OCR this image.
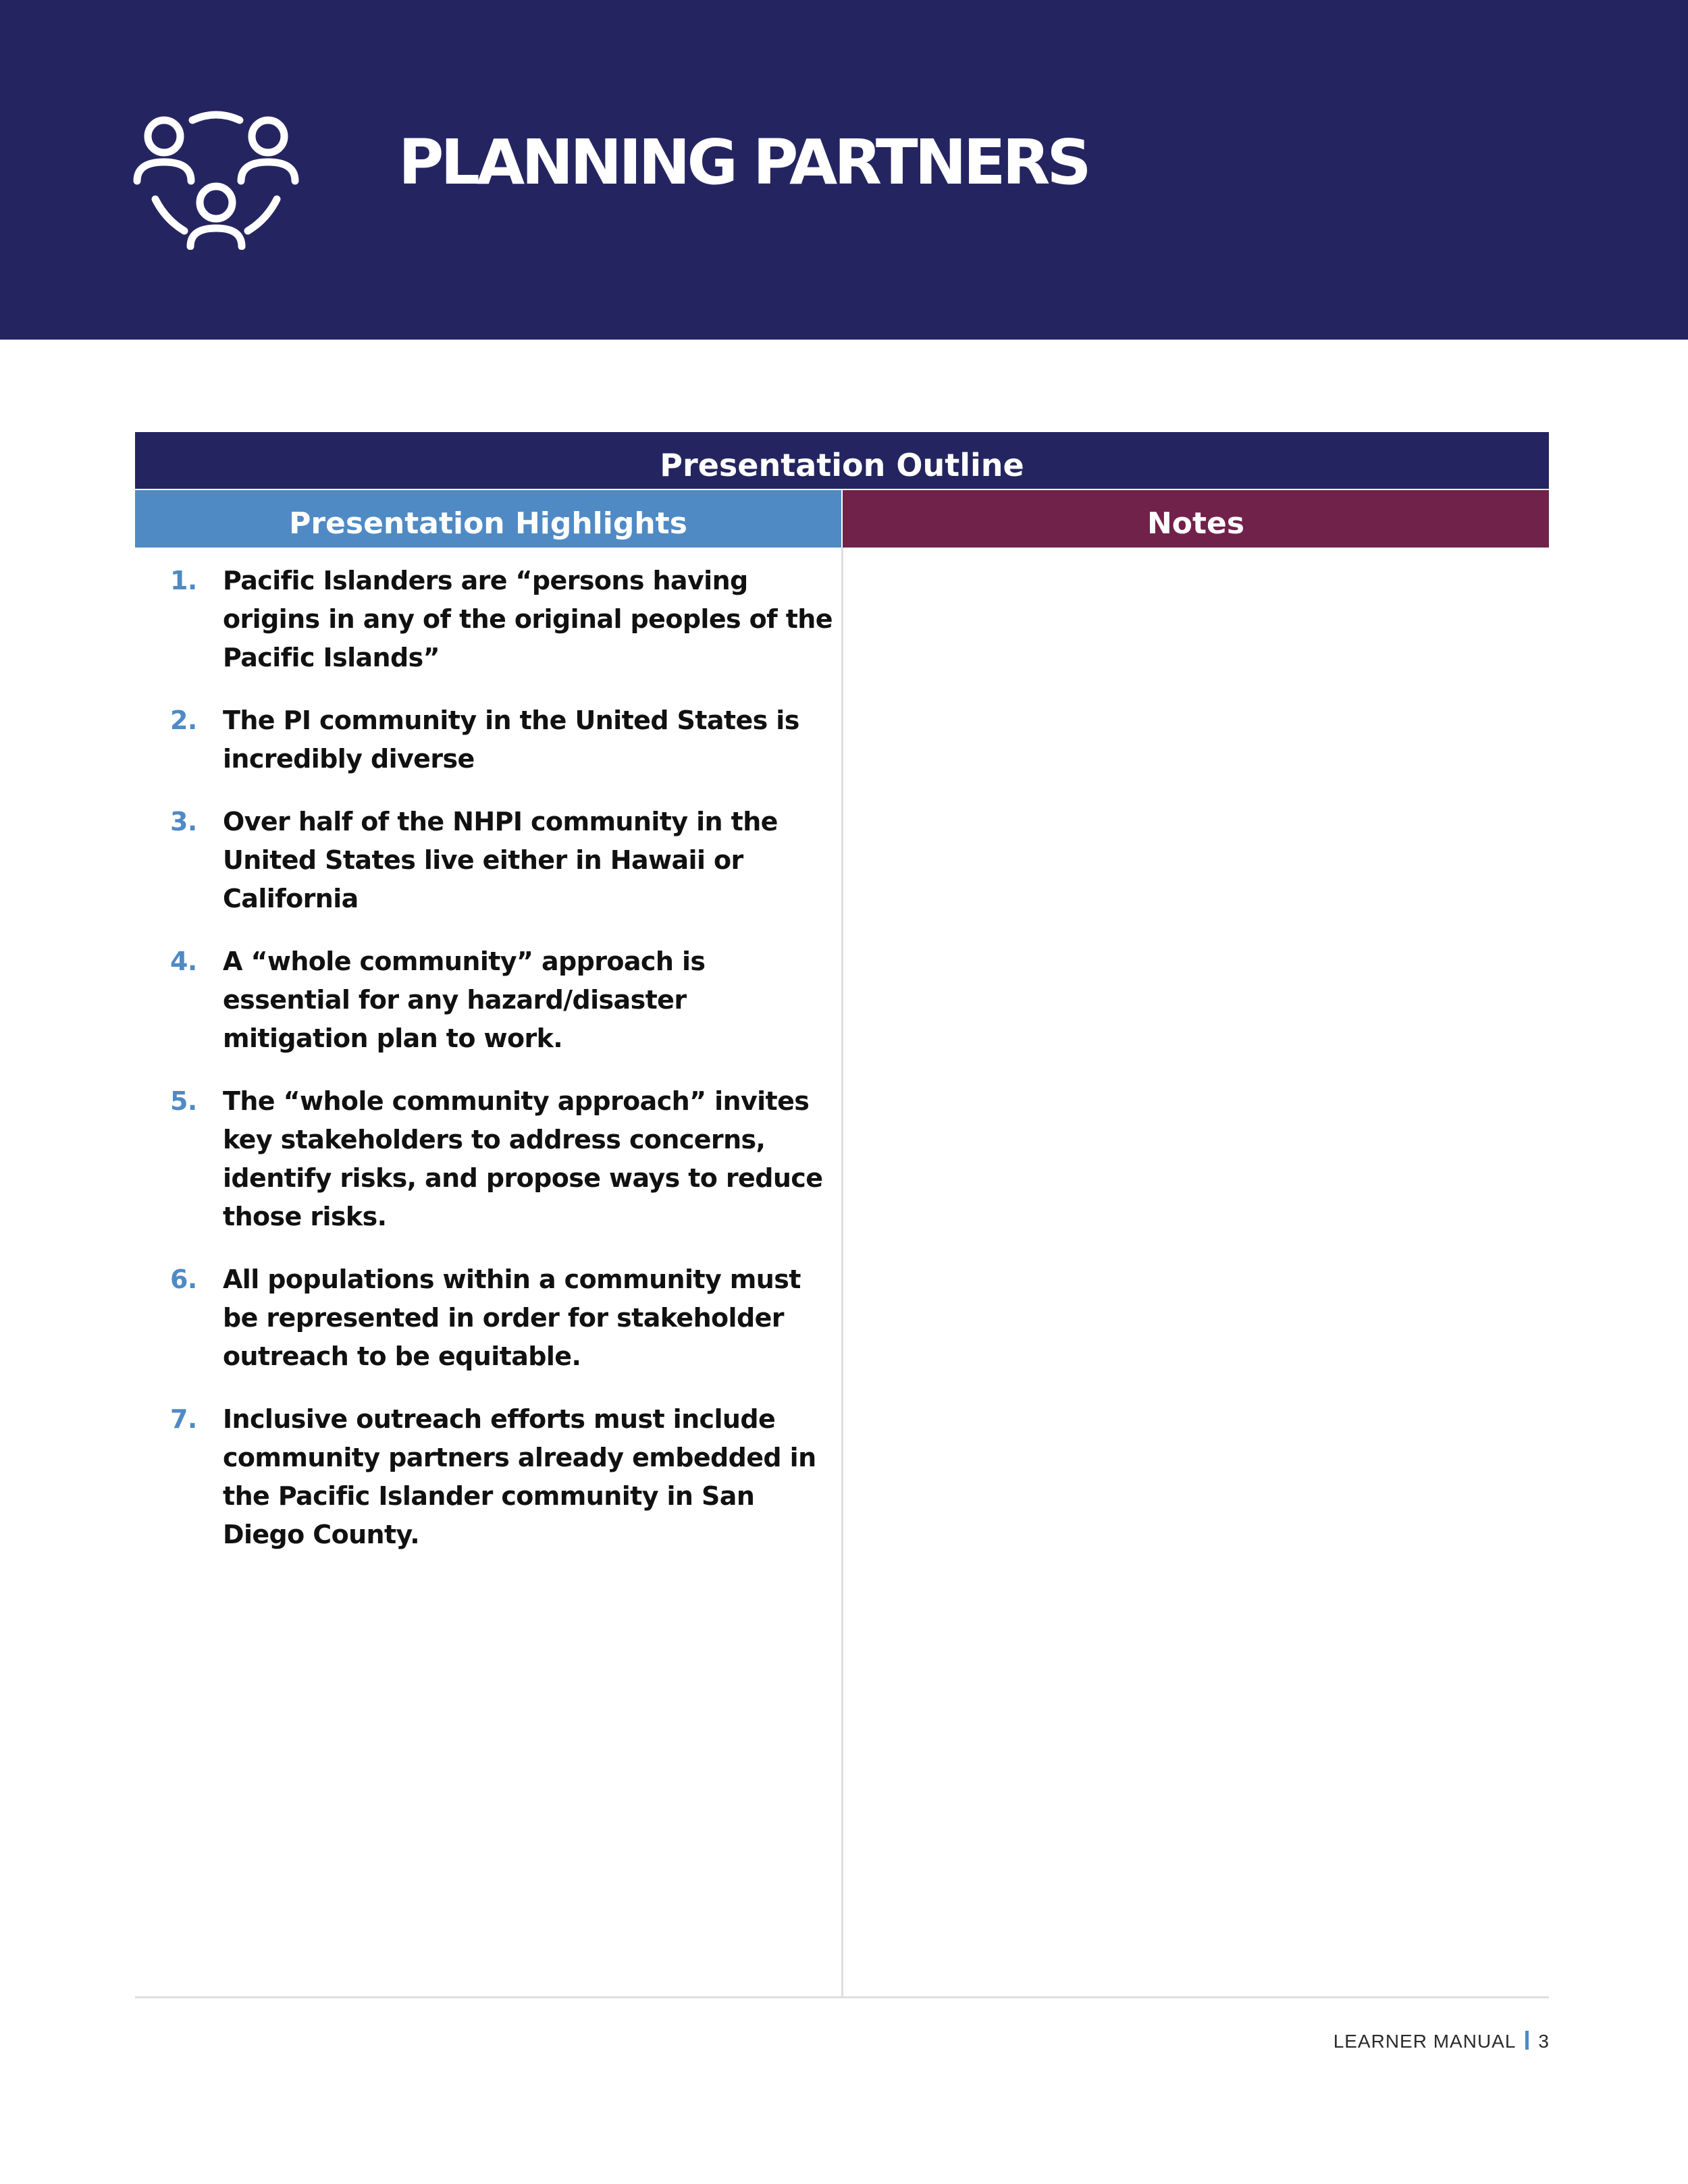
PLANNING PARTNERS
Presentation Outline
Presentation Highlights	Notes
1. Pacific Islanders are “persons having origins in any of the original peoples of the Pacific Islands”
2. The PI community in the United States is incredibly diverse
3. Over half of the NHPI community in the United States live either in Hawaii or California
4. A “whole community” approach is essential for any hazard/disaster mitigation plan to work.
5. The “whole community approach” invites key stakeholders to address concerns, identify risks, and propose ways to reduce those risks.
6. All populations within a community must be represented in order for stakeholder outreach to be equitable.
7. Inclusive outreach efforts must include community partners already embedded in the Pacific Islander community in San Diego County.
LEARNER MANUAL 3
